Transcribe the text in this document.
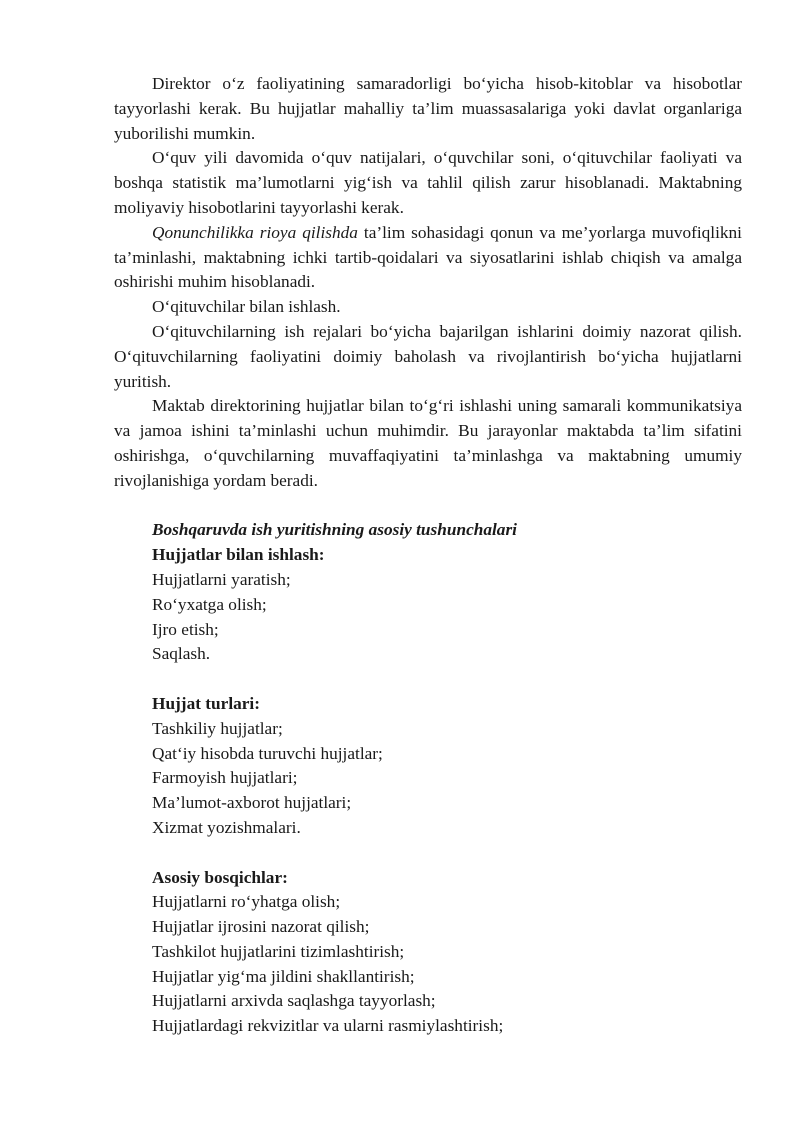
Direktor o‘z faoliyatining samaradorligi bo‘yicha hisob-kitoblar va hisobotlar tayyorlashi kerak. Bu hujjatlar mahalliy ta’lim muassasalariga yoki davlat organlariga yuborilishi mumkin.

O‘quv yili davomida o‘quv natijalari, o‘quvchilar soni, o‘qituvchilar faoliyati va boshqa statistik ma’lumotlarni yig‘ish va tahlil qilish zarur hisoblanadi. Maktabning moliyaviy hisobotlarini tayyorlashi kerak.

Qonunchilikka rioya qilishda ta’lim sohasidagi qonun va me’yorlarga muvofiqlikni ta’minlashi, maktabning ichki tartib-qoidalari va siyosatlarini ishlab chiqish va amalga oshirishi muhim hisoblanadi.

O‘qituvchilar bilan ishlash.

O‘qituvchilarning ish rejalari bo‘yicha bajarilgan ishlarini doimiy nazorat qilish. O‘qituvchilarning faoliyatini doimiy baholash va rivojlantirish bo‘yicha hujjatlarni yuritish.

Maktab direktorining hujjatlar bilan to‘g‘ri ishlashi uning samarali kommunikatsiya va jamoa ishini ta’minlashi uchun muhimdir. Bu jarayonlar maktabda ta’lim sifatini oshirishga, o‘quvchilarning muvaffaqiyatini ta’minlashga va maktabning umumiy rivojlanishiga yordam beradi.

Boshqaruvda ish yuritishning asosiy tushunchalari

Hujjatlar bilan ishlash:

Hujjatlarni yaratish;

Ro‘yxatga olish;

Ijro etish;

Saqlash.

Hujjat turlari:

Tashkiliy hujjatlar;

Qat‘iy hisobda turuvchi hujjatlar;

Farmoyish hujjatlari;

Ma’lumot-axborot hujjatlari;

Xizmat yozishmalari.

Asosiy bosqichlar:

Hujjatlarni ro‘yhatga olish;

Hujjatlar ijrosini nazorat qilish;

Tashkilot hujjatlarini tizimlashtirish;

Hujjatlar yig‘ma jildini shakllantirish;

Hujjatlarni arxivda saqlashga tayyorlash;

Hujjatlardagi rekvizitlar va ularni rasmiylashtirish;
